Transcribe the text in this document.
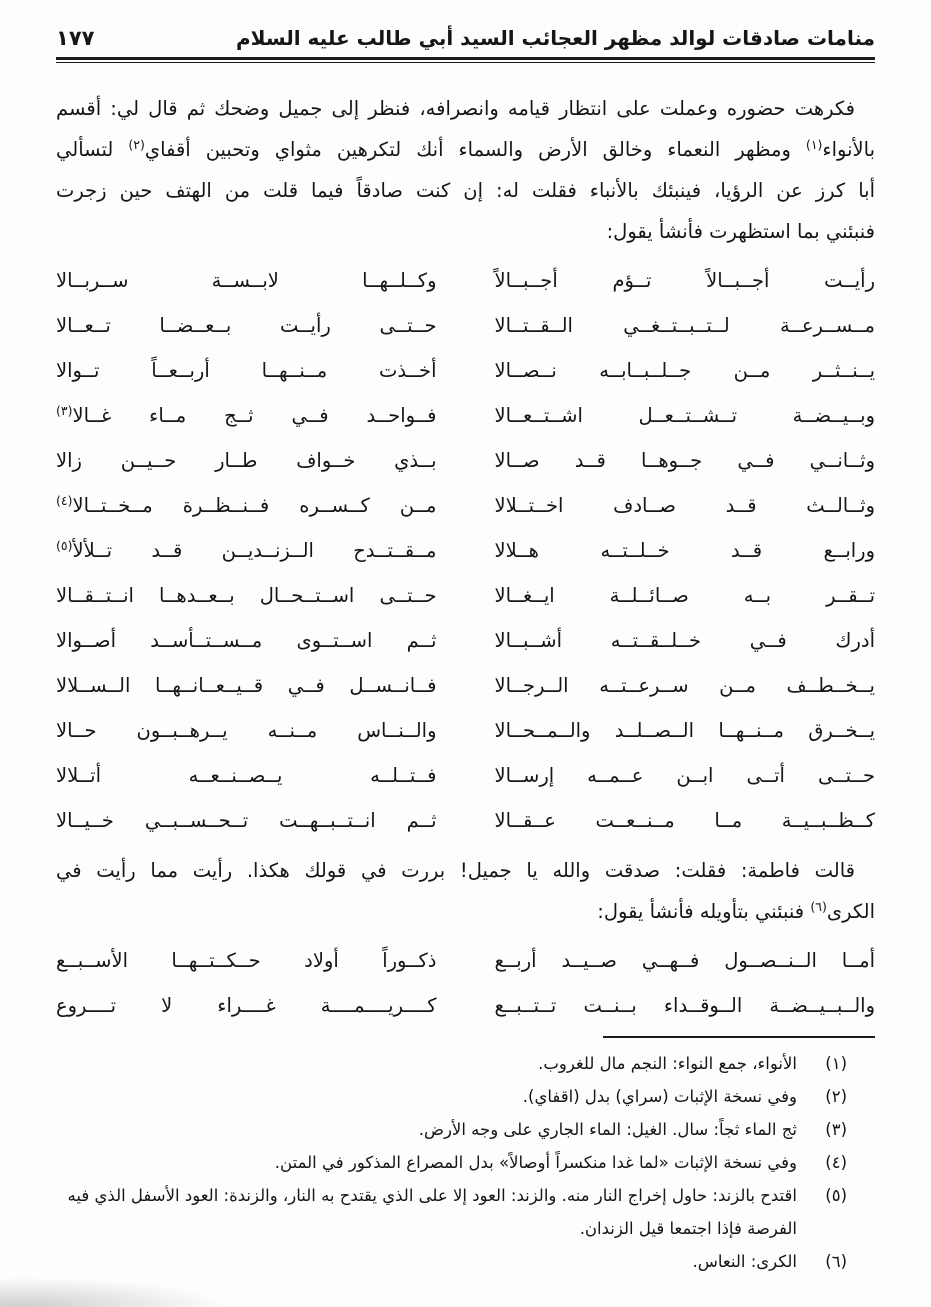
منامات صادقات لوالد مظهر العجائب السيد أبي طالب عليه السلام
١٧٧
فكرهت حضوره وعملت على انتظار قيامه وانصرافه، فنظر إلى جميل وضحك ثم قال لي: أقسم
بالأنواء$^{(١)}$ ومظهر النعماء وخالق الأرض والسماء أنك لتكرهين مثواي وتحبين أقفاي$^{(٢)}$ لتسألي
أبا كرز عن الرؤيا، فينبئك بالأنباء فقلت له: إن كنت صادقاً فيما قلت من الهتف حين زجرت
فنبئني بما استظهرت فأنشأ يقول:
رأيــت أجــبــالاً تــؤم أجــبــالاً
وكــلــهــا لابــســة ســربــالا
مــســرعــة لــتــبــتــغــي الــقــتــالا
حــتــى رأيــت بــعــضــا تــعــالا
يــنــثــر مــن جــلــبــابــه نــصــالا
أخــذت مــنــهــا أربــعــاً تــوالا
وبــيــضــة تــشــتــعــل اشــتــعــالا
فــواحــد فــي ثــج مــاء غــالا$^{(٣)}$
وثــانــي فــي جــوهــا قــد صــالا
بــذي خــواف طــار حــيــن زالا
وثــالــث قــد صــادف اخــتــلالا
مــن كــســره فــنــظــرة مــخــتــالا$^{(٤)}$
ورابــع قــد خــلــتــه هــلالا
مــقــتــدح الــزنــديــن قــد تــلألأ$^{(٥)}$
تــقــر بــه صــائــلــة ايــغــالا
حــتــى اســتــحــال بــعــدهــا انــتــقــالا
أدرك فــي خــلــقــتــه أشــبــالا
ثــم اســتــوى مــســتــأســد أصــوالا
يــخــطــف مــن ســرعــتــه الــرجــالا
فــانــســل فــي قــيــعــانــهــا الــســلالا
يــخــرق مــنــهــا الــصــلــد والــمــحــالا
والــنــاس مــنــه يــرهــبــون حــالا
حــتــى أتــى ابــن عــمــه إرســالا
فــتــلــه يــصــنــعــه أتــلالا
كــظــبــيــة مــا مــنــعــت عــقــالا
ثــم انــتــبــهــت تــحــســبــي خــيــالا
قالت فاطمة: فقلت: صدقت والله يا جميل! بررت في قولك هكذا. رأيت مما رأيت في
الكرى$^{(٦)}$ فنبئني بتأويله فأنشأ يقول:
أمــا الــنــصــول فــهــي صــيــد أربــع
ذكــوراً أولاد حــكــتــهــا الأســبــع
والــبــيــضــة الــوقــداء بــنــت تــتــبــع
كــــريــــمــــة غــــراء لا تــــروع
(١)
الأنواء، جمع النواء: النجم مال للغروب.
(٢)
وفي نسخة الإثبات (سراي) بدل (اقفاي).
(٣)
ثج الماء ثجاً: سال. الغيل: الماء الجاري على وجه الأرض.
(٤)
وفي نسخة الإثبات «لما غدا منكسراً أوصالاً» بدل المصراع المذكور في المتن.
(٥)
اقتدح بالزند: حاول إخراج النار منه. والزند: العود إلا على الذي يقتدح به النار، والزندة: العود الأسفل الذي فيه الفرصة فإذا اجتمعا قيل الزندان.
(٦)
الكرى: النعاس.
